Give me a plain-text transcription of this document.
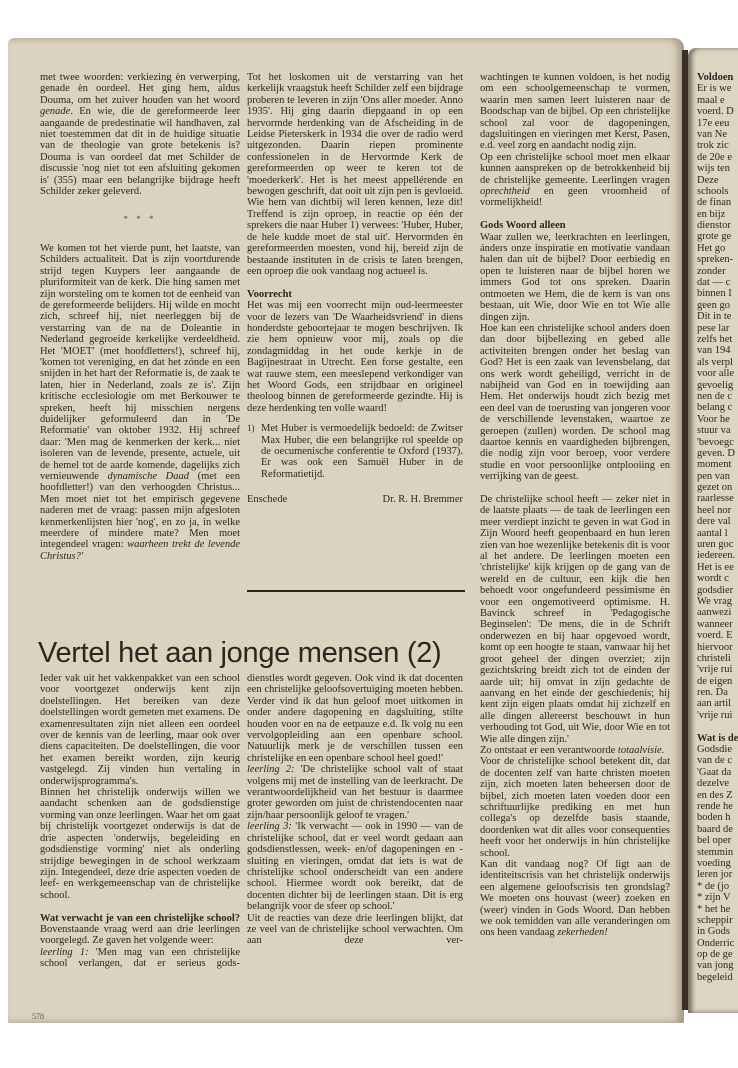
Voldoen
Er is we
maal e
voerd. D
17e eeu
van Ne
trok zic
de 20e e
wijs ten
Deze
schools
de finan
en bijz
dienstor
grote ge
Het go
spreken-
zonder
dat — c
binnen I
geen go
Dit in te
pese lar
zelfs het
van 194
als verpl
voor alle
gevoelig
nen de c
belang c
Voor he
stuur va
'bevoegc
geven. D
moment
pen van
gezet on
raarlesse
heel nor
dere val
aantal l
uren goc
iedereen.
Het is ee
wordt c
godsdier
We vrag
aanwezi
wanneer
voerd. E
hiervoor
christeli
'vrije rui
de eigen
ren. Da
aan artil
'vrije rui
Wat is de
Godsdie
van de c
'Gaat da
dezelve
en des Z
rende he
boden h
baard de
bel oper
stemmin
voeding
leren jor
* de (jo
* zijn V
* het he
scheppir
in Gods
Onderric
op de ge
van jong
begeleid

met twee woorden: verkiezing èn verwerping, genade èn oordeel. Het ging hem, aldus Douma, om het zuiver houden van het woord genade. En wie, die de gereformeerde leer aangaande de predestinatie wil handhaven, zal niet toestemmen dat dit in de huidige situatie van de theologie van grote betekenis is? Douma is van oordeel dat met Schilder de discussie 'nog niet tot een afsluiting gekomen is' (355) maar een belangrijke bijdrage heeft Schilder zeker geleverd.

* * *

We komen tot het vierde punt, het laatste, van Schilders actualiteit. Dat is zijn voortdurende strijd tegen Kuypers leer aangaande de pluriformiteit van de kerk. Die hing samen met zijn worsteling om te komen tot de eenheid van de gereformeerde belijders. Hij wilde en mocht zich, schreef hij, niet neerleggen bij de verstarring van de na de Doleantie in Nederland gegroeide kerkelijke verdeeldheid. Het 'MOET' (met hoofdletters!), schreef hij, 'komen tot vereniging, en dat het zónde en een snijden in het hart der Reformatie is, de zaak te laten, hier in Nederland, zoals ze is'. Zijn kritische ecclesiologie om met Berkouwer te spreken, heeft hij misschien nergens duidelijker geformuleerd dan in 'De Reformatie' van oktober 1932. Hij schreef daar: 'Men mag de kenmerken der kerk... niet isoleren van de levende, presente, actuele, uit de hemel tot de aarde komende, dagelijks zich vernieuwende dynamische Daad (met een hoofdletter!) van den verhoogden Christus... Men moet niet tot het empirisch gegevene naderen met de vraag: passen mijn afgesloten kenmerkenlijsten hier 'nog', en zo ja, in welke meerdere of mindere mate? Men moet integendeel vragen: waarheen trekt de levende Christus?'

Tot het loskomen uit de verstarring van het kerkelijk vraagstuk heeft Schilder zelf een bijdrage proberen te leveren in zijn 'Ons aller moeder. Anno 1935'. Hij ging daarin diepgaand in op een hervormde herdenking van de Afscheiding in de Leidse Pieterskerk in 1934 die over de radio werd uitgezonden. Daarin riepen prominente confessionelen in de Hervormde Kerk de gereformeerden op weer te keren tot de 'moederkerk'. Het is het meest appellérende en bewogen geschrift, dat ooit uit zijn pen is gevloeid. Wie hem van dichtbij wil leren kennen, leze dit! Treffend is zijn oproep, in reactie op één der sprekers die naar Huber 1) verwees: 'Huber, Huber, de hele kudde moet de stal uit'. Hervormden èn gereformeerden moesten, vond hij, bereid zijn de bestaande instituten in de crisis te laten brengen, een oproep die ook vandaag nog actueel is.

Voorrecht

Het was mij een voorrecht mijn oud-leermeester voor de lezers van 'De Waarheidsvriend' in diens honderdste geboortejaar te mogen beschrijven. Ik zie hem opnieuw voor mij, zoals op die zondagmiddag in het oude kerkje in de Bagijnestraat in Utrecht. Een forse gestalte, een wat rauwe stem, een meeslepend verkondiger van het Woord Gods, een strijdbaar en origineel theoloog binnen de gereformeerde gezindte. Hij is deze herdenking ten volle waard!

1) Met Huber is vermoedelijk bedoeld: de Zwitser Max Huber, die een belangrijke rol speelde op de oecumenische conferentie te Oxford (1937). Er was ook een Samuël Huber in de Reformatietijd.
Enschede	Dr. R. H. Bremmer
Vertel het aan jonge mensen (2)

Ieder vak uit het vakkenpakket van een school voor voortgezet onderwijs kent zijn doelstellingen. Het bereiken van deze doelstellingen wordt gemeten met examens. De examenresultaten zijn niet alleen een oordeel over de kennis van de leerling, maar ook over diens capaciteiten. De doelstellingen, die voor het examen bereikt worden, zijn keurig vastgelegd. Zij vinden hun vertaling in onderwijsprogramma's.

Binnen het christelijk onderwijs willen we aandacht schenken aan de godsdienstige vorming van onze leerlingen. Waar het om gaat bij christelijk voortgezet onderwijs is dat de drie aspecten 'onderwijs, begeleiding en godsdienstige vorming' niet als onderling strijdige bewegingen in de school werkzaam zijn. Integendeel, deze drie aspecten voeden de leef- en werkgemeenschap van de christelijke school.

Wat verwacht je van een christelijke school?

Bovenstaande vraag werd aan drie leerlingen voorgelegd. Ze gaven het volgende weer:

leerling 1: 'Men mag van een christelijke school verlangen, dat er serieus gods-

dienstles wordt gegeven. Ook vind ik dat docenten een christelijke geloofsovertuiging moeten hebben. Verder vind ik dat hun geloof moet uitkomen in onder andere dagopening en dagsluiting, stilte houden voor en na de eetpauze e.d. Ik volg nu een vervolgopleiding aan een openbare school. Natuurlijk merk je de verschillen tussen een christelijke en een openbare school heel goed!'

leerling 2: 'De christelijke school valt of staat volgens mij met de instelling van de leerkracht. De verantwoordelijkheid van het bestuur is daarmee groter geworden om juist de christendocenten naar zijn/haar persoonlijk geloof te vragen.'

leerling 3: 'Ik verwacht — ook in 1990 — van de christelijke school, dat er veel wordt gedaan aan godsdienstlessen, week- en/of dagopeningen en -sluiting en vieringen, omdat dat iets is wat de christelijke school onderscheidt van een andere school. Hiermee wordt ook bereikt, dat de docenten dichter bij de leerlingen staan. Dit is erg belangrijk voor de sfeer op school.'

Uit de reacties van deze drie leerlingen blijkt, dat ze veel van de christelijke school verwachten. Om aan deze ver-

wachtingen te kunnen voldoen, is het nodig om een schoolgemeenschap te vormen, waarin men samen leert luisteren naar de Boodschap van de bijbel. Op een christelijke school zal voor de dagopeningen, dagsluitingen en vieringen met Kerst, Pasen, e.d. veel zorg en aandacht nodig zijn.

Op een christelijke school moet men elkaar kunnen aanspreken op de betrokkenheid bij de christelijke gemeente. Leerlingen vragen oprechtheid en geen vroomheid of vormelijkheid!

Gods Woord alleen

Waar zullen we, leerkrachten en leerlingen, ánders onze inspiratie en motivatie vandaan halen dan uit de bijbel? Door eerbiedig en open te luisteren naar de bijbel horen we immers God tot ons spreken. Daarin ontmoeten we Hem, die de kern is van ons bestaan, uit Wie, door Wie en tot Wie alle dingen zijn.

Hoe kan een christelijke school anders doen dan door bijbellezing en gebed alle activiteiten brengen onder het beslag van God? Het is een zaak van levensbelang, dat ons werk wordt geheiligd, verricht in de nabijheid van God en in toewijding aan Hem. Het onderwijs houdt zich bezig met een deel van de toerusting van jongeren voor de verschillende levenstaken, waartoe ze geroepen (zullen) worden. De school mag daartoe kennis en vaardigheden bijbrengen, die nodig zijn voor beroep, voor verdere studie en voor persoonlijke ontplooiing en verrijking van de geest.

De christelijke school heeft — zeker niet in de laatste plaats — de taak de leerlingen een meer verdiept inzicht te geven in wat God in Zijn Woord heeft geopenbaard en hun leren zien van hoe wezenlijke betekenis dit is voor al het andere. De leerlingen moeten een 'christelijke' kijk krijgen op de gang van de wereld en de cultuur, een kijk die hen behoedt voor ongefundeerd pessimisme èn voor een ongemotiveerd optimisme. H. Bavinck schreef in 'Pedagogische Beginselen': 'De mens, die in de Schrift onderwezen en bij haar opgevoed wordt, komt op een hoogte te staan, vanwaar hij het groot geheel der dingen overziet; zijn gezichtskring breidt zich tot de einden der aarde uit; hij omvat in zijn gedachte de aanvang en het einde der geschiedenis; hij kent zijn eigen plaats omdat hij zichzelf en alle dingen allereerst beschouwt in hun verhouding tot God, uit Wie, door Wie en tot Wie alle dingen zijn.'

Zo ontstaat er een verantwoorde totaalvisie.

Voor de christelijke school betekent dit, dat de docenten zelf van harte christen moeten zijn, zich moeten laten beheersen door de bijbel, zich moeten laten voeden door een schriftuurlijke prediking en met hun collega's op dezelfde basis staande, doordenken wat dit alles voor consequenties heeft voor het onderwijs in hùn christelijke school.

Kan dit vandaag nog? Of ligt aan de identiteitscrisis van het christelijk onderwijs een algemene geloofscrisis ten grondslag? We moeten ons houvast (weer) zoeken en (weer) vinden in Gods Woord. Dan hebben we ook temidden van alle veranderingen om ons heen vandaag zekerheden!

578
